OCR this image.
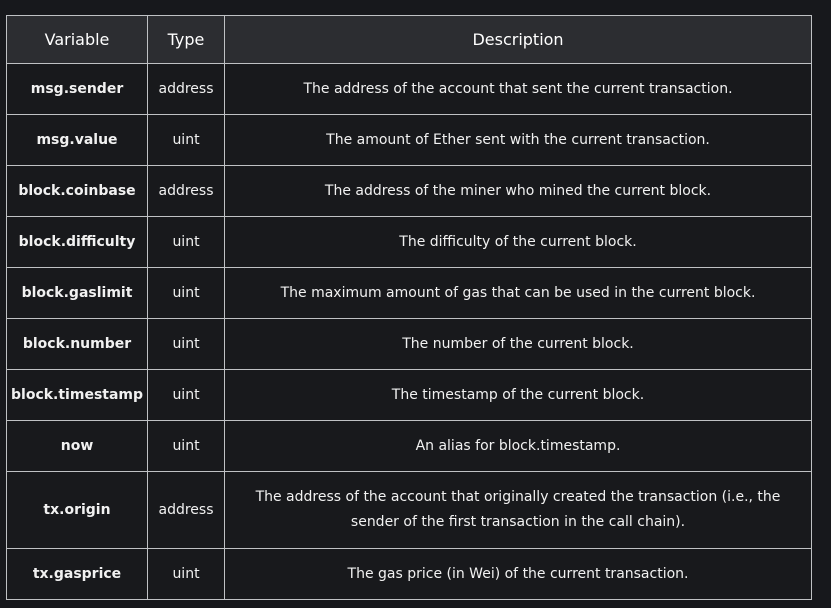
Variable	Type	Description
msg.sender	address	The address of the account that sent the current transaction.
msg.value	uint	The amount of Ether sent with the current transaction.
block.coinbase	address	The address of the miner who mined the current block.
block.difficulty	uint	The difficulty of the current block.
block.gaslimit	uint	The maximum amount of gas that can be used in the current block.
block.number	uint	The number of the current block.
block.timestamp	uint	The timestamp of the current block.
now	uint	An alias for block.timestamp.
tx.origin	address	The address of the account that originally created the transaction (i.e., the sender of the first transaction in the call chain).
tx.gasprice	uint	The gas price (in Wei) of the current transaction.
